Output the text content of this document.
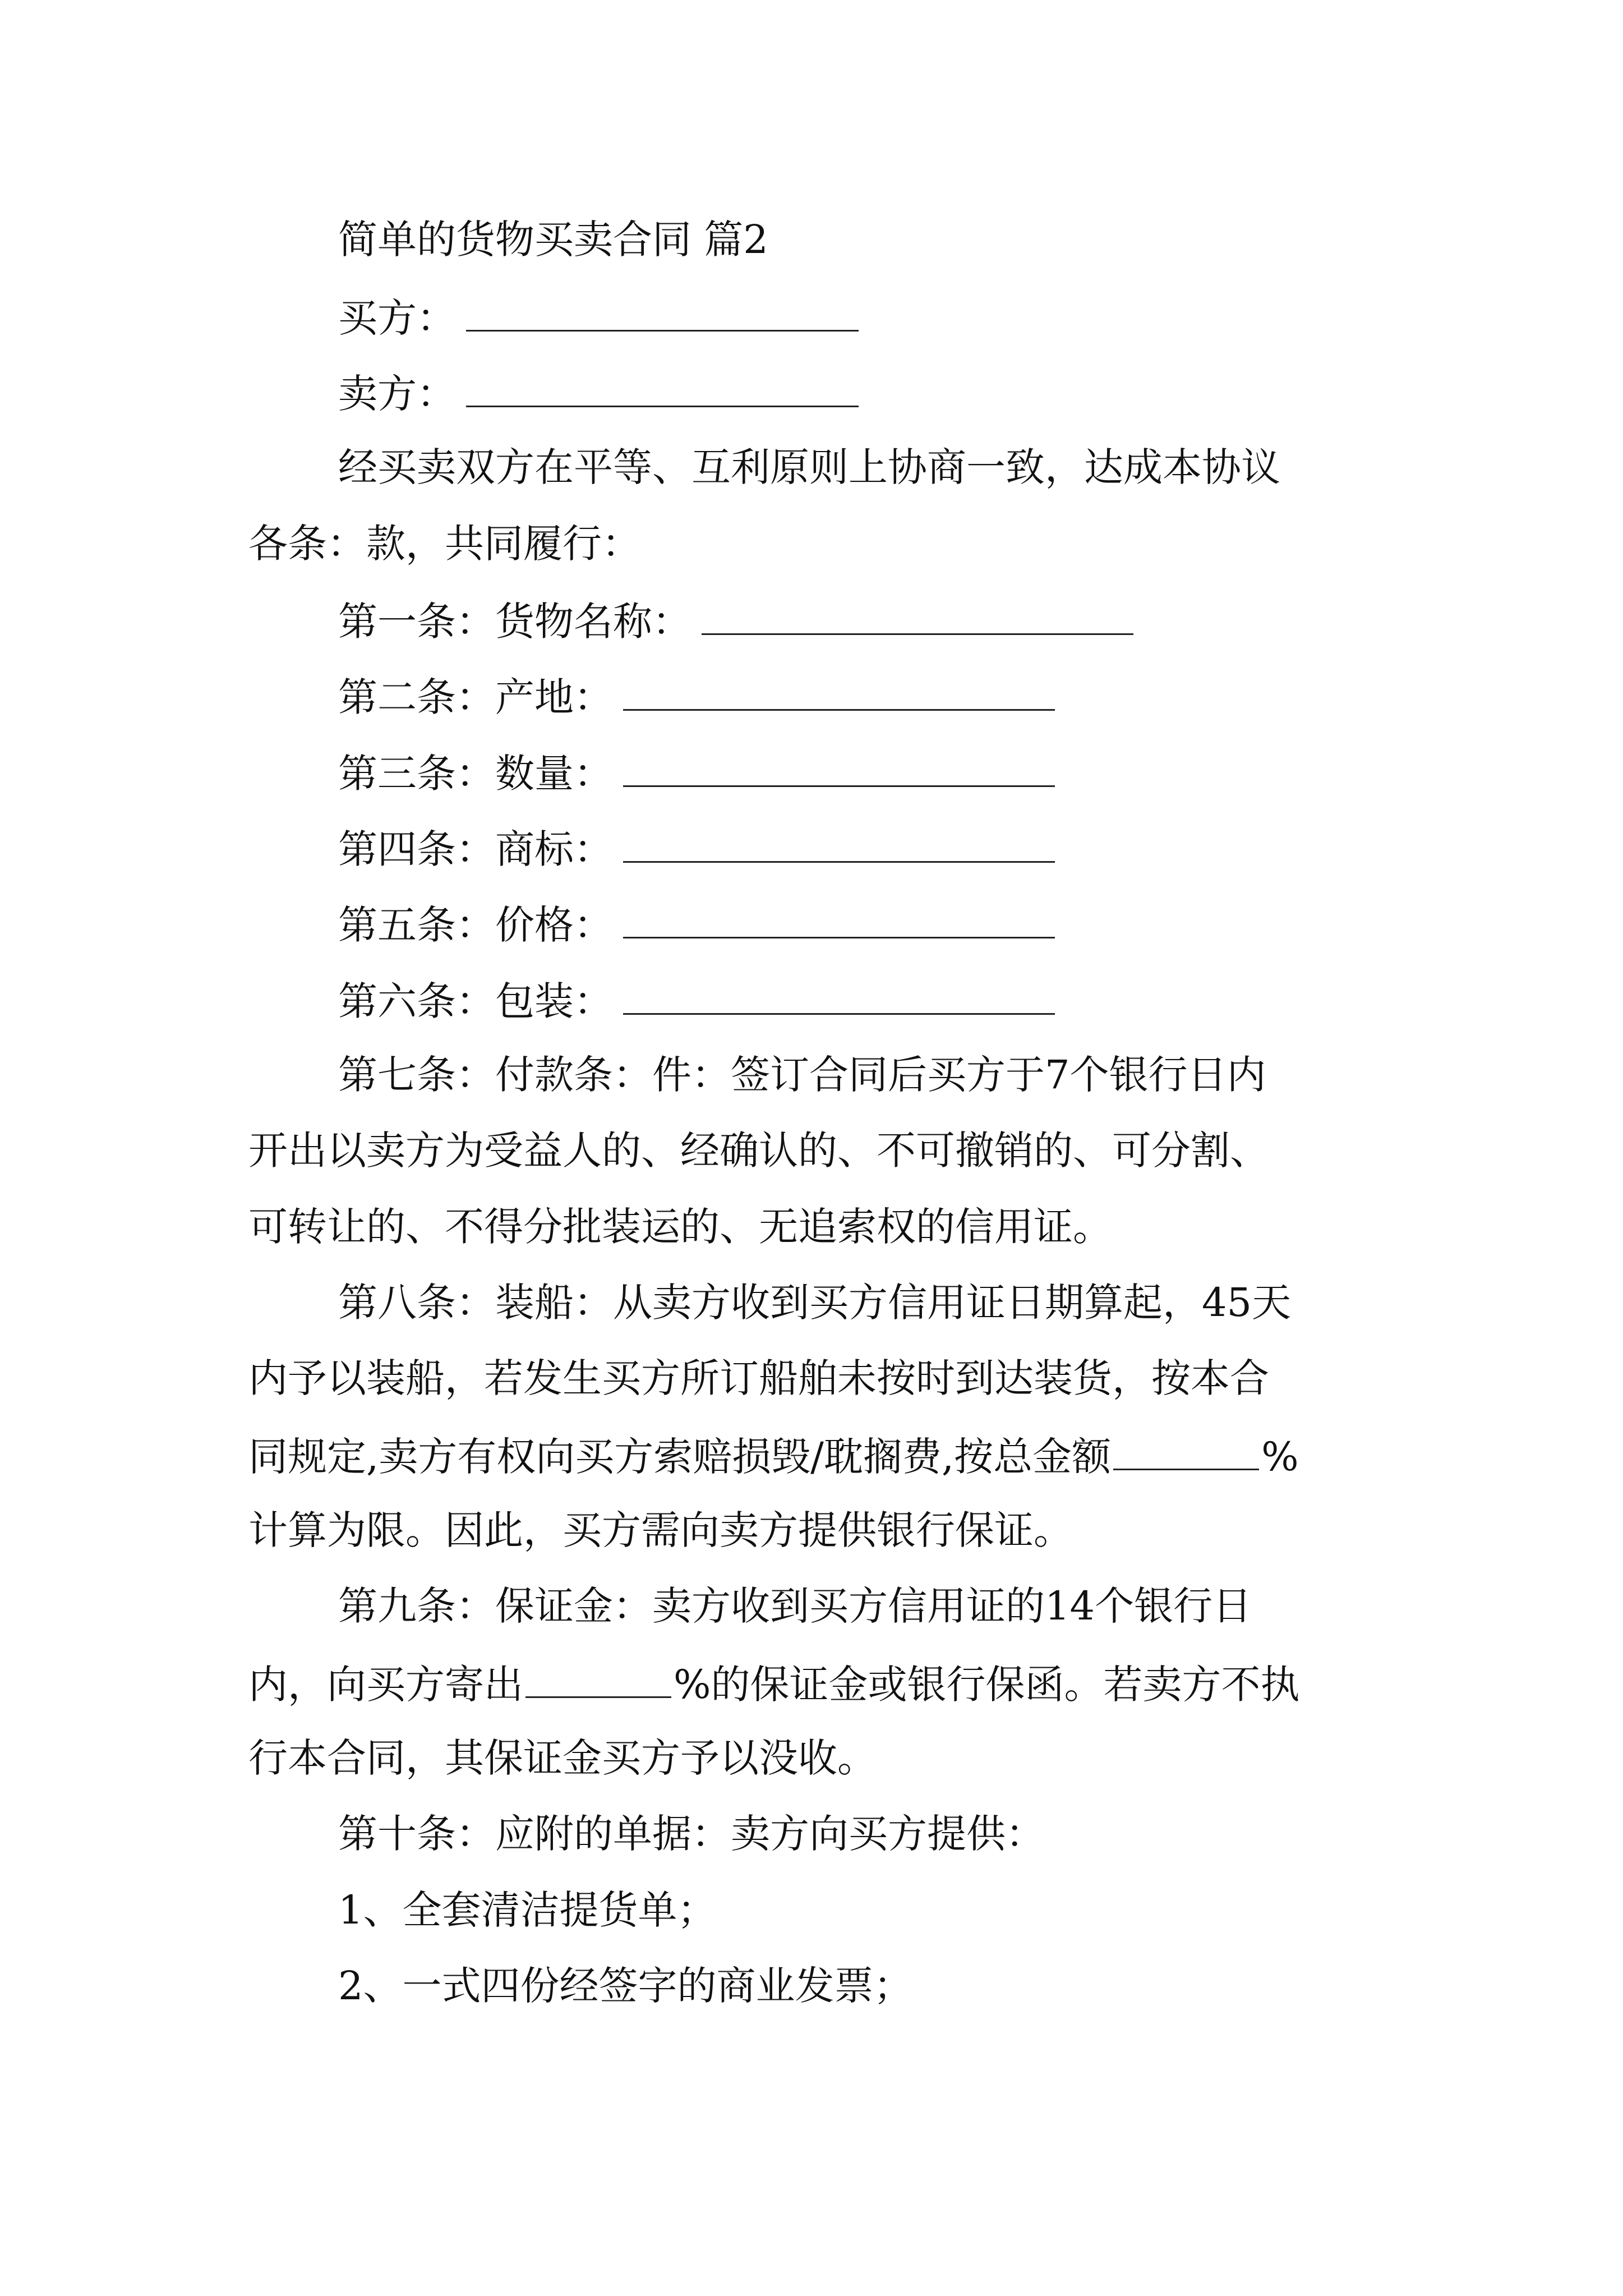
简单的货物买卖合同 篇2

买方：

卖方：

经买卖双方在平等、互利原则上协商一致，达成本协议

各条：款，共同履行：

第一条：货物名称：

第二条：产地：

第三条：数量：

第四条：商标：

第五条：价格：

第六条：包装：

第七条：付款条：件：签订合同后买方于7个银行日内

开出以卖方为受益人的、经确认的、不可撤销的、可分割、

可转让的、不得分批装运的、无追索权的信用证。

第八条：装船：从卖方收到买方信用证日期算起，45天

内予以装船，若发生买方所订船舶未按时到达装货，按本合

同规定,卖方有权向买方索赔损毁/耽搁费,按总金额	%

计算为限。因此，买方需向卖方提供银行保证。

第九条：保证金：卖方收到买方信用证的14个银行日

内，向买方寄出	%的保证金或银行保函。若卖方不执

行本合同，其保证金买方予以没收。

第十条：应附的单据：卖方向买方提供：

1、全套清洁提货单；

2、一式四份经签字的商业发票；
